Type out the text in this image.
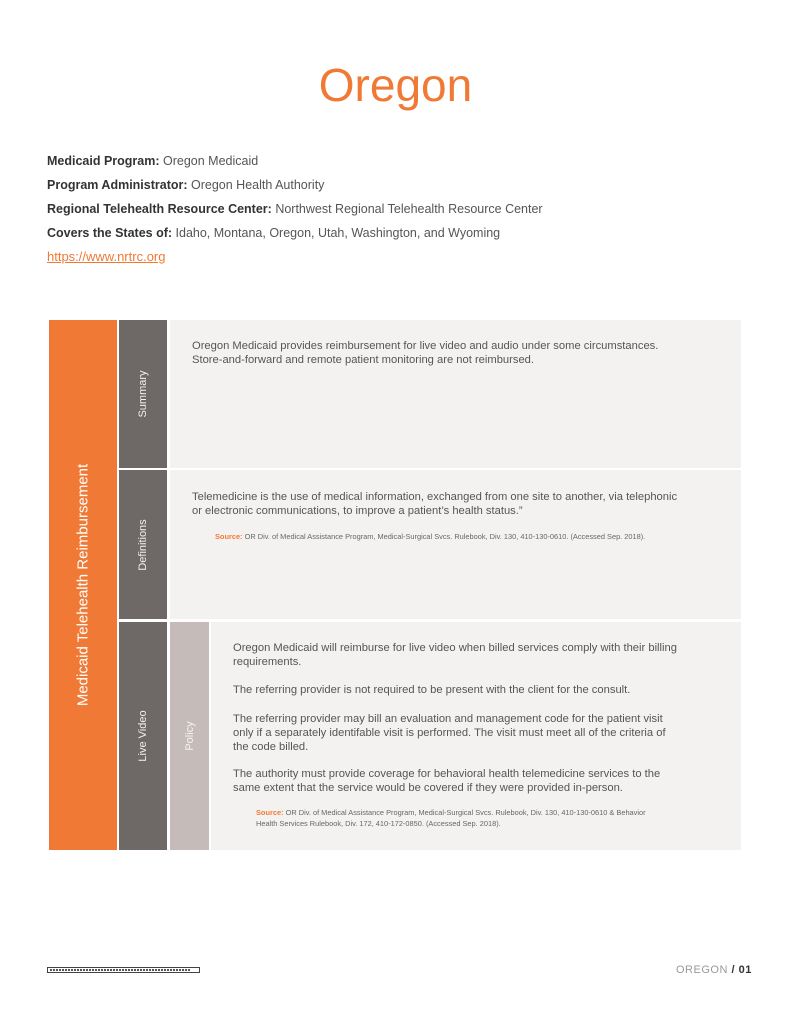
Oregon
Medicaid Program: Oregon Medicaid
Program Administrator: Oregon Health Authority
Regional Telehealth Resource Center: Northwest Regional Telehealth Resource Center
Covers the States of: Idaho, Montana, Oregon, Utah, Washington, and Wyoming
https://www.nrtrc.org
Medicaid Telehealth Reimbursement
Summary
Definitions
Live Video	Policy
Oregon Medicaid provides reimbursement for live video and audio under some circumstances.
Store-and-forward and remote patient monitoring are not reimbursed.
Telemedicine is the use of medical information, exchanged from one site to another, via telephonic
or electronic communications, to improve a patient’s health status.”
Source: OR Div. of Medical Assistance Program, Medical-Surgical Svcs. Rulebook, Div. 130, 410-130-0610. (Accessed Sep. 2018).
Oregon Medicaid will reimburse for live video when billed services comply with their billing
requirements.
The referring provider is not required to be present with the client for the consult.
The referring provider may bill an evaluation and management code for the patient visit
only if a separately identifable visit is performed. The visit must meet all of the criteria of
the code billed.
The authority must provide coverage for behavioral health telemedicine services to the
same extent that the service would be covered if they were provided in-person.
Source: OR Div. of Medical Assistance Program, Medical-Surgical Svcs. Rulebook, Div. 130, 410-130-0610 & Behavior
Health Services Rulebook, Div. 172, 410-172-0850. (Accessed Sep. 2018).
OREGON / 01
